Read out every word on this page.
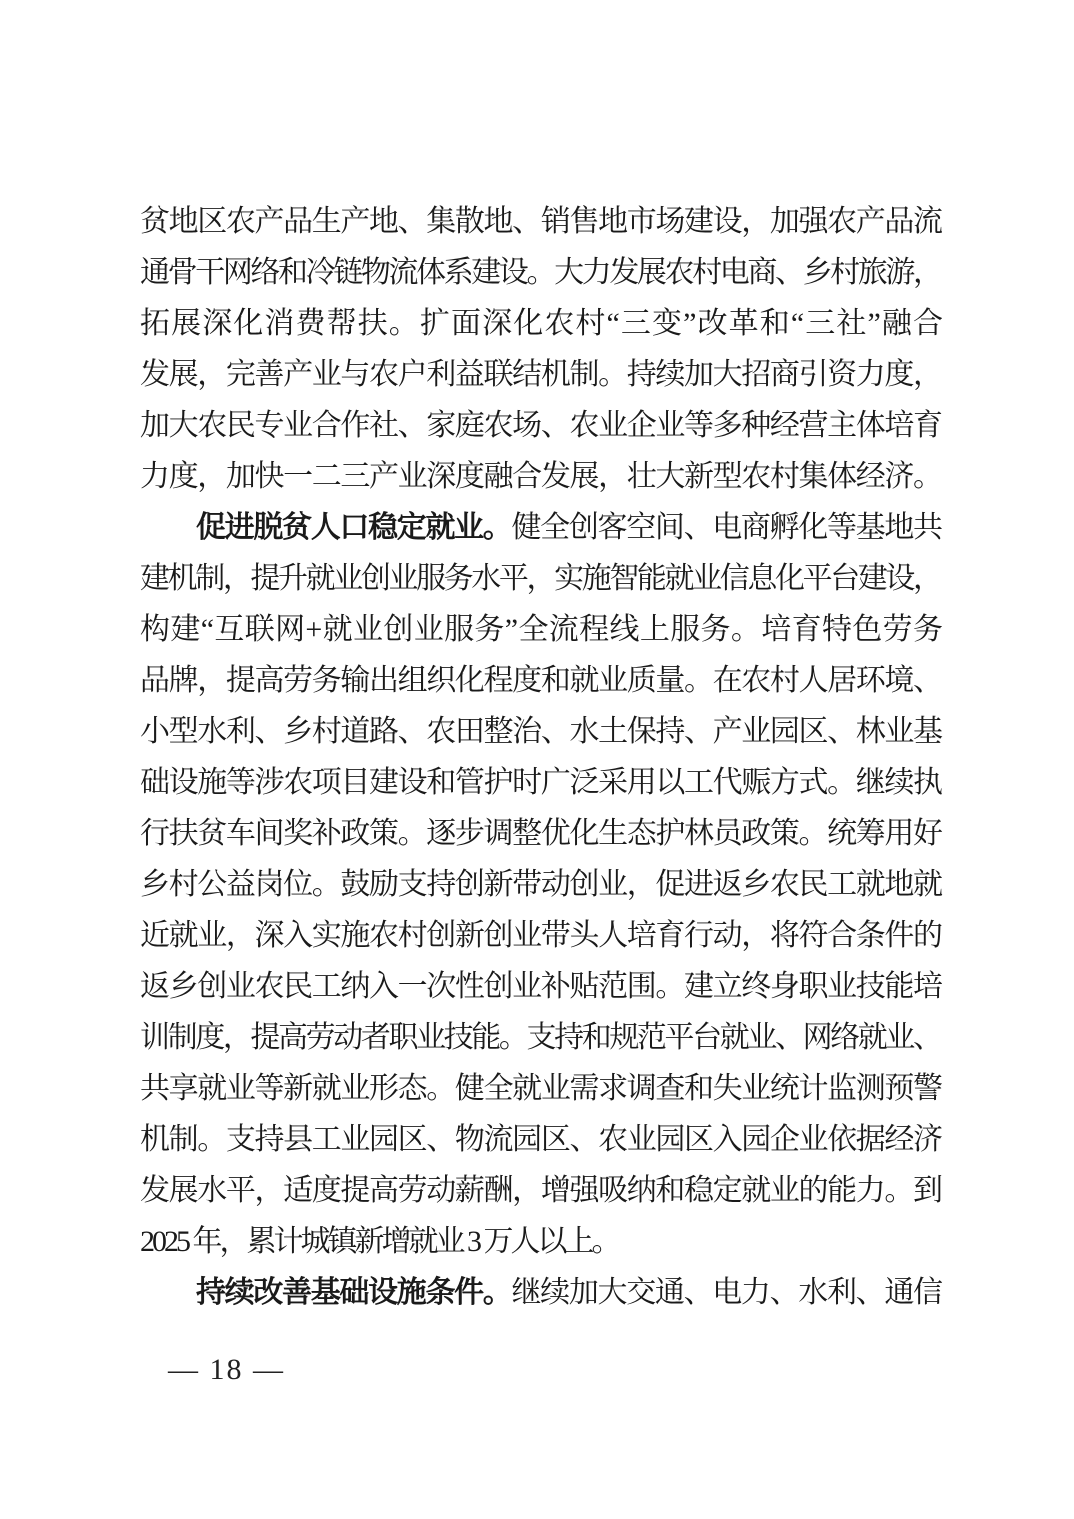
贫地区农产品生产地、集散地、销售地市场建设，加强农产品流
通骨干网络和冷链物流体系建设。大力发展农村电商、乡村旅游，
拓展深化消费帮扶。扩面深化农村“三变”改革和“三社”融合
发展，完善产业与农户利益联结机制。持续加大招商引资力度，
加大农民专业合作社、家庭农场、农业企业等多种经营主体培育
力度，加快一二三产业深度融合发展，壮大新型农村集体经济。
促进脱贫人口稳定就业。健全创客空间、电商孵化等基地共
建机制，提升就业创业服务水平，实施智能就业信息化平台建设，
构建“互联网+就业创业服务”全流程线上服务。培育特色劳务
品牌，提高劳务输出组织化程度和就业质量。在农村人居环境、
小型水利、乡村道路、农田整治、水土保持、产业园区、林业基
础设施等涉农项目建设和管护时广泛采用以工代赈方式。继续执
行扶贫车间奖补政策。逐步调整优化生态护林员政策。统筹用好
乡村公益岗位。鼓励支持创新带动创业，促进返乡农民工就地就
近就业，深入实施农村创新创业带头人培育行动，将符合条件的
返乡创业农民工纳入一次性创业补贴范围。建立终身职业技能培
训制度，提高劳动者职业技能。支持和规范平台就业、网络就业、
共享就业等新就业形态。健全就业需求调查和失业统计监测预警
机制。支持县工业园区、物流园区、农业园区入园企业依据经济
发展水平，适度提高劳动薪酬，增强吸纳和稳定就业的能力。到
2025 年，累计城镇新增就业 3 万人以上。
持续改善基础设施条件。继续加大交通、电力、水利、通信
— 18 —
